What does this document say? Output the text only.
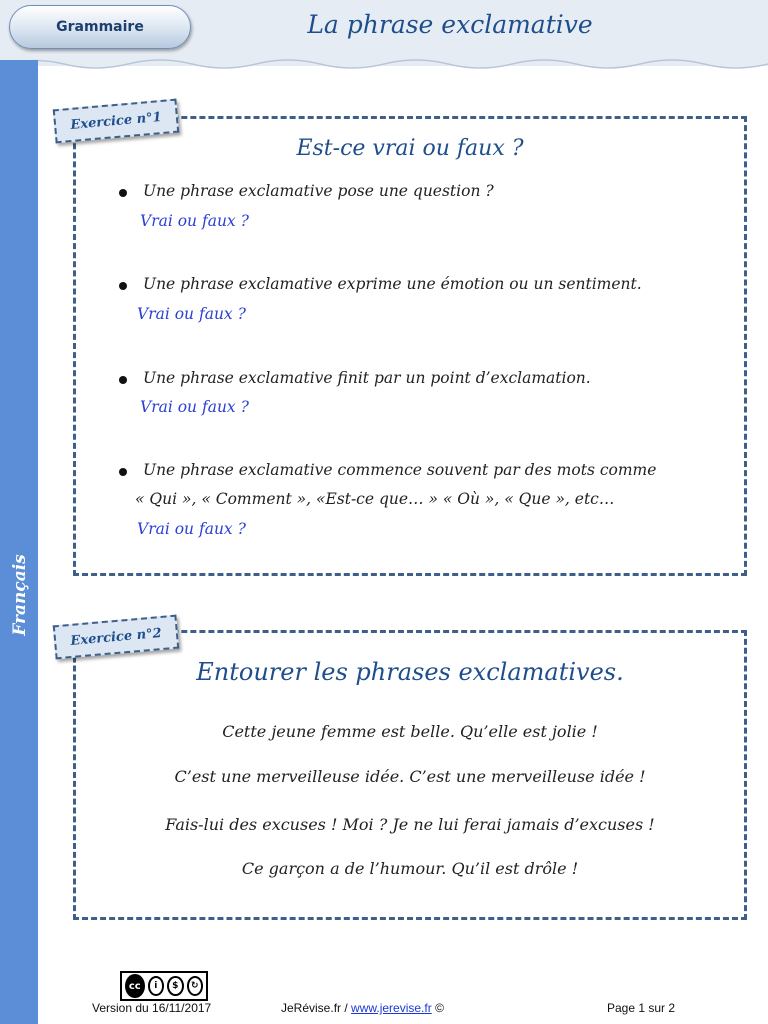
Grammaire	La phrase exclamative
Français
Exercice n°1
Est-ce vrai ou faux ?
Une phrase exclamative pose une question ?
Vrai ou faux ?
Une phrase exclamative exprime une émotion ou un sentiment.
Vrai ou faux ?
Une phrase exclamative finit par un point d’exclamation.
Vrai ou faux ?
Une phrase exclamative commence souvent par des mots comme
« Qui », « Comment », «Est-ce que… » « Où », « Que », etc…
Vrai ou faux ?
Exercice n°2
Entourer les phrases exclamatives.
Cette jeune femme est belle. Qu’elle est jolie !
C’est une merveilleuse idée. C’est une merveilleuse idée !
Fais-lui des excuses ! Moi ? Je ne lui ferai jamais d’excuses !
Ce garçon a de l’humour. Qu’il est drôle !
cc	i	$	↻
Version du 16/11/2017	JeRévise.fr / www.jerevise.fr ©	Page 1 sur 2
